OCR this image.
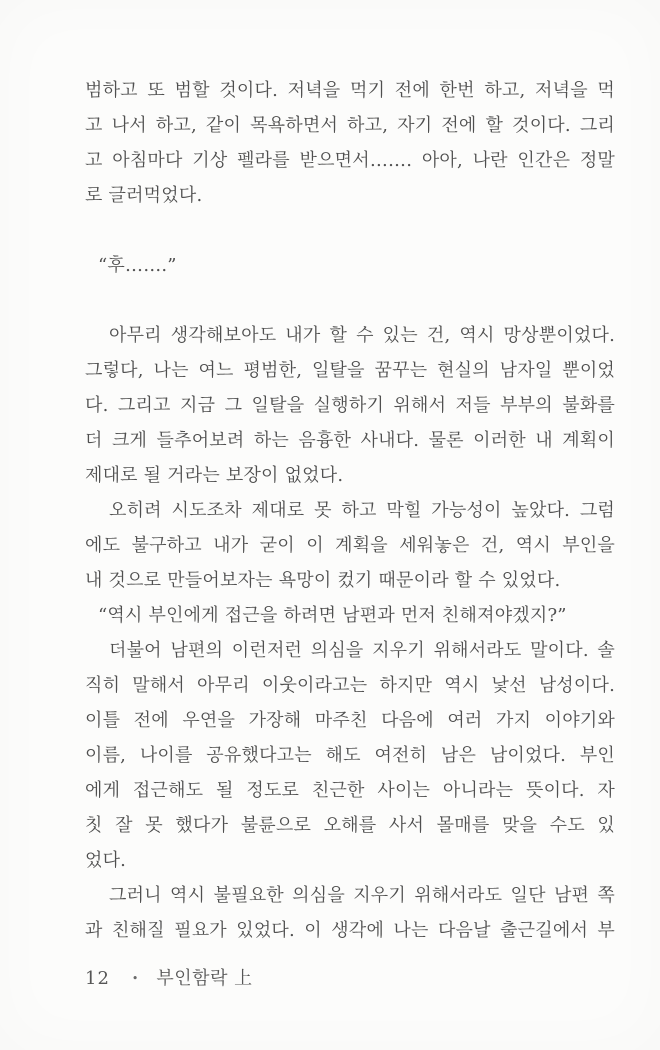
범하고 또 범할 것이다. 저녁을 먹기 전에 한번 하고, 저녁을 먹
고 나서 하고, 같이 목욕하면서 하고, 자기 전에 할 것이다. 그리
고 아침마다 기상 펠라를 받으면서……. 아아, 나란 인간은 정말
로 글러먹었다.
“후…….”
아무리 생각해보아도 내가 할 수 있는 건, 역시 망상뿐이었다.
그렇다, 나는 여느 평범한, 일탈을 꿈꾸는 현실의 남자일 뿐이었
다. 그리고 지금 그 일탈을 실행하기 위해서 저들 부부의 불화를
더 크게 들추어보려 하는 음흉한 사내다. 물론 이러한 내 계획이
제대로 될 거라는 보장이 없었다.
오히려 시도조차 제대로 못 하고 막힐 가능성이 높았다. 그럼
에도 불구하고 내가 굳이 이 계획을 세워놓은 건, 역시 부인을
내 것으로 만들어보자는 욕망이 컸기 때문이라 할 수 있었다.
“역시 부인에게 접근을 하려면 남편과 먼저 친해져야겠지?”
더불어 남편의 이런저런 의심을 지우기 위해서라도 말이다. 솔
직히 말해서 아무리 이웃이라고는 하지만 역시 낯선 남성이다.
이틀 전에 우연을 가장해 마주친 다음에 여러 가지 이야기와
이름, 나이를 공유했다고는 해도 여전히 남은 남이었다. 부인
에게 접근해도 될 정도로 친근한 사이는 아니라는 뜻이다. 자
칫 잘 못 했다가 불륜으로 오해를 사서 몰매를 맞을 수도 있
었다.
그러니 역시 불필요한 의심을 지우기 위해서라도 일단 남편 쪽
과 친해질 필요가 있었다. 이 생각에 나는 다음날 출근길에서 부
12 • 부인함락 上
